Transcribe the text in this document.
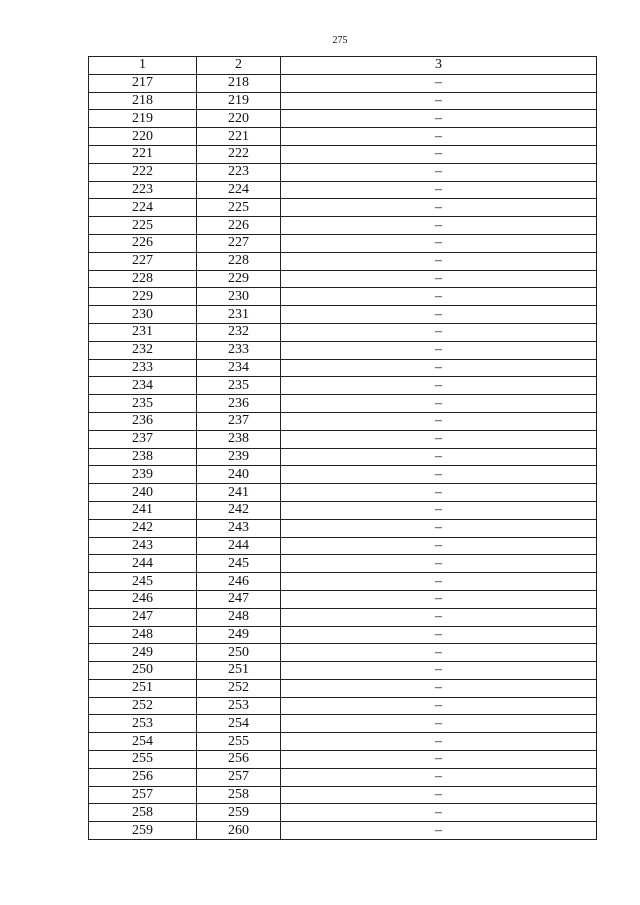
275
1	2	3
217	218	–
218	219	–
219	220	–
220	221	–
221	222	–
222	223	–
223	224	–
224	225	–
225	226	–
226	227	–
227	228	–
228	229	–
229	230	–
230	231	–
231	232	–
232	233	–
233	234	–
234	235	–
235	236	–
236	237	–
237	238	–
238	239	–
239	240	–
240	241	–
241	242	–
242	243	–
243	244	–
244	245	–
245	246	–
246	247	–
247	248	–
248	249	–
249	250	–
250	251	–
251	252	–
252	253	–
253	254	–
254	255	–
255	256	–
256	257	–
257	258	–
258	259	–
259	260	–
